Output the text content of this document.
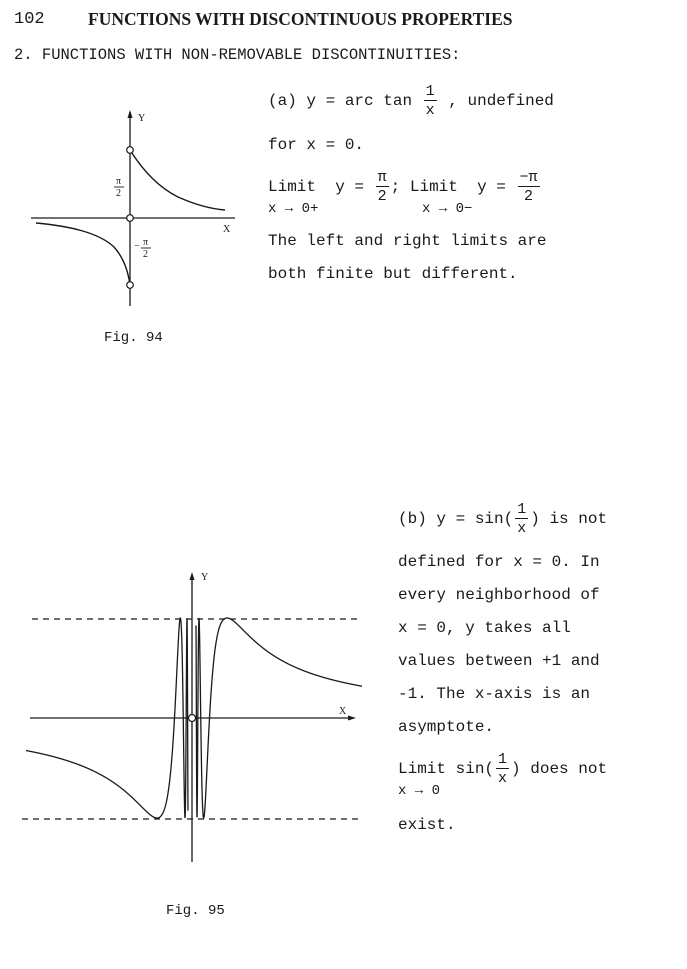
102 FUNCTIONS WITH DISCONTINUOUS PROPERTIES
2. FUNCTIONS WITH NON-REMOVABLE DISCONTINUITIES:
Y
X
π
2
− π
2
Fig. 94
(a) y = arc $\tan \frac{1}{x}$ , undefined
for x = 0.
Limit $y = \frac{\pi}{2}$ ; Limit $y = \frac{-\pi}{2}$
x → 0+	x → 0−
The left and right limits are
both finite but different.
Y
X
Fig. 95
(b) $y = \sin( \frac{1}{x}$ ) is not
defined for x = 0. In
every neighborhood of
x = 0, y takes all
values between +1 and
-1. The x-axis is an
asymptote.
Limit $\sin( \frac{1}{x}$ ) does not
x → 0
exist.
